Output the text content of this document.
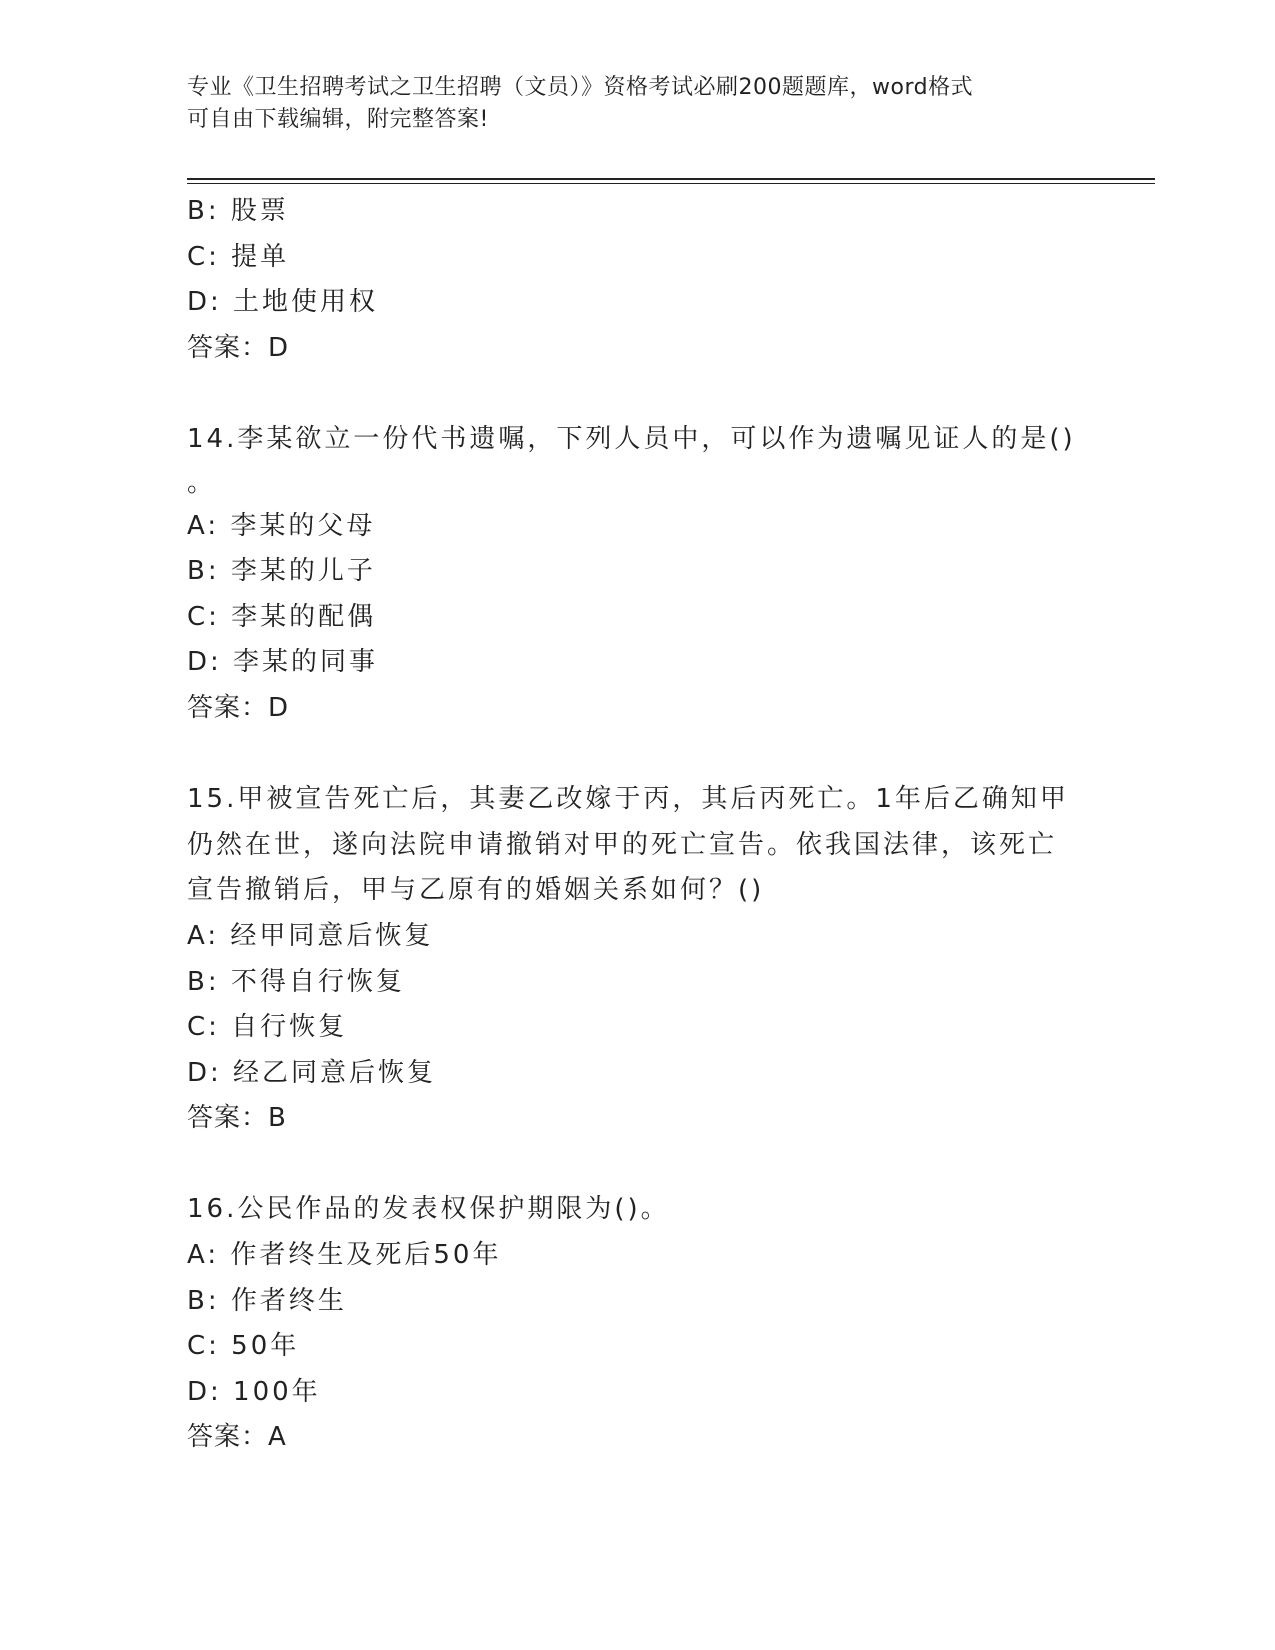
专业《卫生招聘考试之卫生招聘（文员）》资格考试必刷200题题库，word格式
可自由下载编辑，附完整答案!
B: 股票
C: 提单
D: 土地使用权
答案：D
14.李某欲立一份代书遗嘱，下列人员中，可以作为遗嘱见证人的是()
。
A: 李某的父母
B: 李某的儿子
C: 李某的配偶
D: 李某的同事
答案：D
15.甲被宣告死亡后，其妻乙改嫁于丙，其后丙死亡。1年后乙确知甲
仍然在世，遂向法院申请撤销对甲的死亡宣告。依我国法律，该死亡
宣告撤销后，甲与乙原有的婚姻关系如何？()
A: 经甲同意后恢复
B: 不得自行恢复
C: 自行恢复
D: 经乙同意后恢复
答案：B
16.公民作品的发表权保护期限为()。
A: 作者终生及死后50年
B: 作者终生
C: 50年
D: 100年
答案：A
